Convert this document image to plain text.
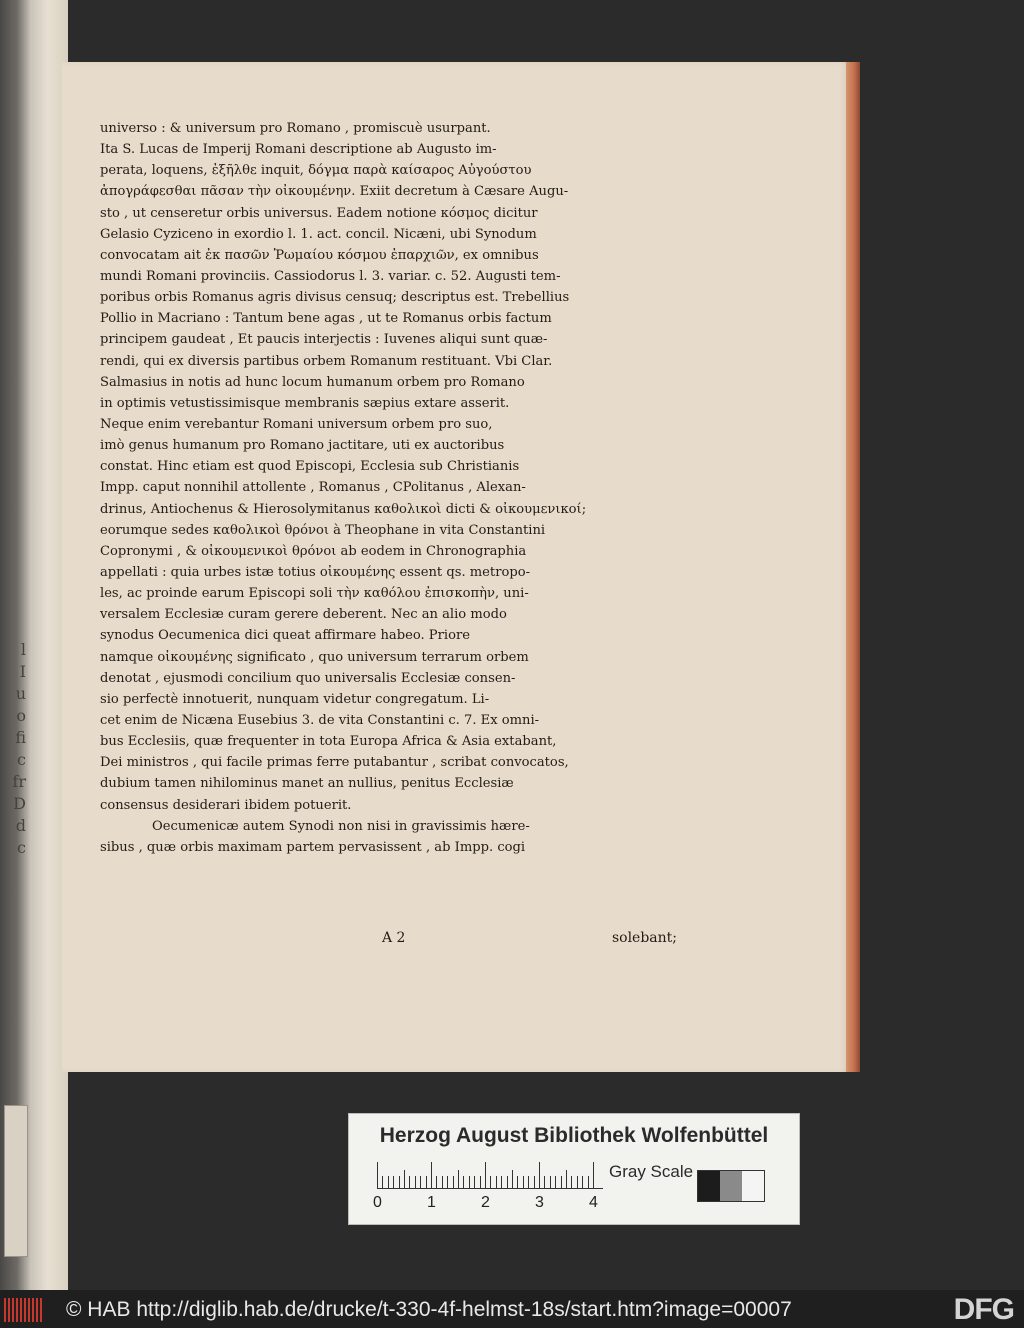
l
I
u
o
fi
c
fr
D
d
c
universo : & universum pro Romano , promiscuè usurpant.
Ita S. Lucas de Imperij Romani descriptione ab Augusto im-
perata, loquens, ἐξῆλθε inquit, δόγμα παρὰ καίσαρος Αὐγούστου
ἀπογράφεσθαι πᾶσαν τὴν οἰκουμένην. Exiit decretum à Cæsare Augu-
sto , ut censeretur orbis universus. Eadem notione κόσμος dicitur
Gelasio Cyziceno in exordio l. 1. act. concil. Nicæni, ubi Synodum
convocatam ait ἐκ πασῶν Ῥωμαίου κόσμου ἐπαρχιῶν, ex omnibus
mundi Romani provinciis. Cassiodorus l. 3. variar. c. 52. Augusti tem-
poribus orbis Romanus agris divisus censuq; descriptus est. Trebellius
Pollio in Macriano : Tantum bene agas , ut te Romanus orbis factum
principem gaudeat , Et paucis interjectis : Iuvenes aliqui sunt quæ-
rendi, qui ex diversis partibus orbem Romanum restituant. Vbi Clar.
Salmasius in notis ad hunc locum humanum orbem pro Romano
in optimis vetustissimisque membranis sæpius extare asserit.
Neque enim verebantur Romani universum orbem pro suo,
imò genus humanum pro Romano jactitare, uti ex auctoribus
constat. Hinc etiam est quod Episcopi, Ecclesia sub Christianis
Impp. caput nonnihil attollente , Romanus , CPolitanus , Alexan-
drinus, Antiochenus & Hierosolymitanus καθολικοὶ dicti & οἰκουμενικοί;
eorumque sedes καθολικοὶ θρόνοι à Theophane in vita Constantini
Copronymi , & οἰκουμενικοὶ θρόνοι ab eodem in Chronographia
appellati : quia urbes istæ totius οἰκουμένης essent qs. metropo-
les, ac proinde earum Episcopi soli τὴν καθόλου ἐπισκοπὴν, uni-
versalem Ecclesiæ curam gerere deberent. Nec an alio modo
synodus Oecumenica dici queat affirmare habeo. Priore
namque οἰκουμένης significato , quo universum terrarum orbem
denotat , ejusmodi concilium quo universalis Ecclesiæ consen-
sio perfectè innotuerit, nunquam videtur congregatum. Li-
cet enim de Nicæna Eusebius 3. de vita Constantini c. 7. Ex omni-
bus Ecclesiis, quæ frequenter in tota Europa Africa & Asia extabant,
Dei ministros , qui facile primas ferre putabantur , scribat convocatos,
dubium tamen nihilominus manet an nullius, penitus Ecclesiæ
consensus desiderari ibidem potuerit.
Oecumenicæ autem Synodi non nisi in gravissimis hære-
sibus , quæ orbis maximam partem pervasissent , ab Impp. cogi
A 2	solebant;
Herzog August Bibliothek Wolfenbüttel
0	1	2	3	4
Gray Scale
© HAB http://diglib.hab.de/drucke/t-330-4f-helmst-18s/start.htm?image=00007	DFG
